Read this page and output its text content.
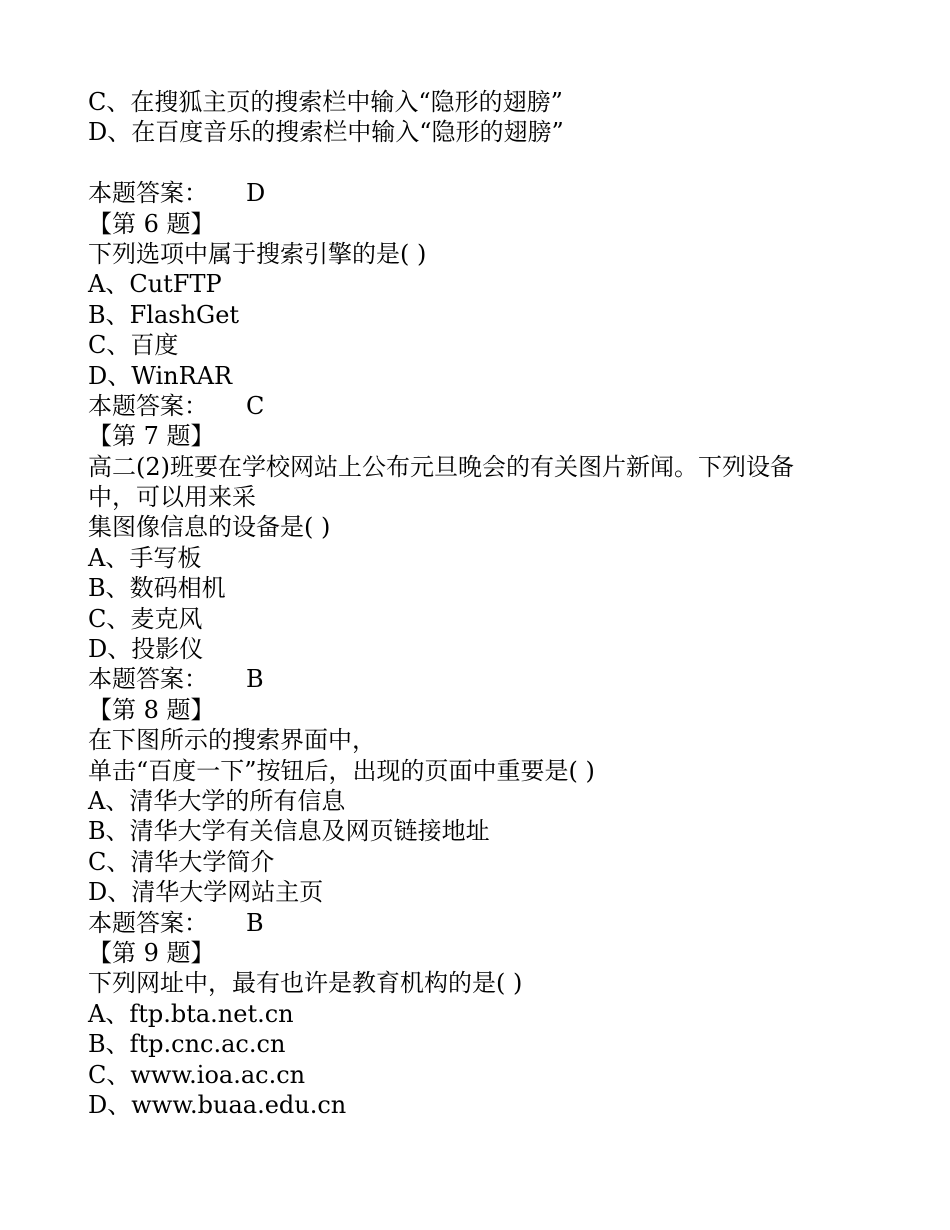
C、在搜狐主页的搜索栏中输入“隐形的翅膀”
D、在百度音乐的搜索栏中输入“隐形的翅膀”
本题答案： D
【第 6 题】
下列选项中属于搜索引擎的是( )
A、CutFTP
B、FlashGet
C、百度
D、WinRAR
本题答案： C
【第 7 题】
高二(2)班要在学校网站上公布元旦晚会的有关图片新闻。下列设备
中，可以用来采
集图像信息的设备是( )
A、手写板
B、数码相机
C、麦克风
D、投影仪
本题答案： B
【第 8 题】
在下图所示的搜索界面中，
单击“百度一下”按钮后，出现的页面中重要是( )
A、清华大学的所有信息
B、清华大学有关信息及网页链接地址
C、清华大学简介
D、清华大学网站主页
本题答案： B
【第 9 题】
下列网址中，最有也许是教育机构的是( )
A、ftp.bta.net.cn
B、ftp.cnc.ac.cn
C、www.ioa.ac.cn
D、www.buaa.edu.cn
